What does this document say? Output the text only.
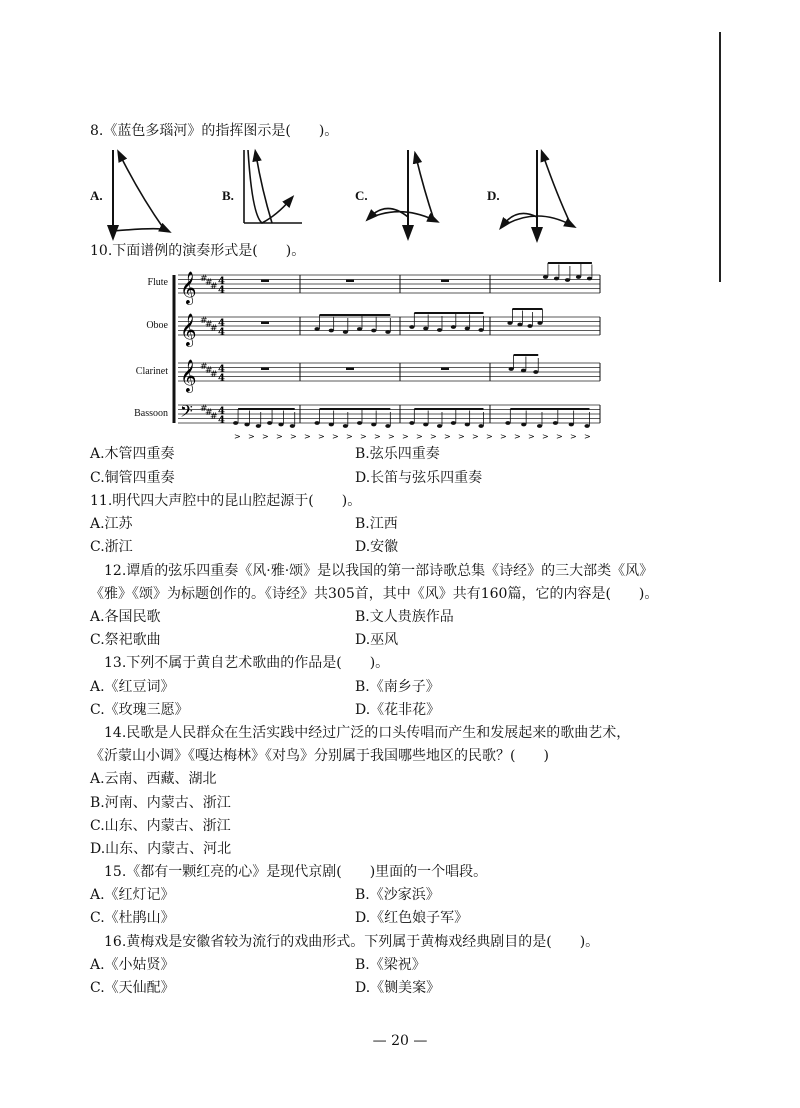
8.《蓝色多瑙河》的指挥图示是(　　)。
A.	B.	C.	D.
10.下面谱例的演奏形式是(　　)。
Flute
Oboe
Clarinet
Bassoon
𝄞 #
#
# 4
4
𝄞 #
#
# 4
4
𝄞 #
#
# 4
4
𝄢 #
#
# 4
4
> > > > > > > > > > > > > > > > > > > > > > > > > >
A.木管四重奏	B.弦乐四重奏
C.铜管四重奏	D.长笛与弦乐四重奏
11.明代四大声腔中的昆山腔起源于(　　)。
A.江苏	B.江西
C.浙江	D.安徽
12.谭盾的弦乐四重奏《风·雅·颂》是以我国的第一部诗歌总集《诗经》的三大部类《风》
《雅》《颂》为标题创作的。《诗经》共305首，其中《风》共有160篇，它的内容是(　　)。
A.各国民歌	B.文人贵族作品
C.祭祀歌曲	D.巫风
13.下列不属于黄自艺术歌曲的作品是(　　)。
A.《红豆词》	B.《南乡子》
C.《玫瑰三愿》	D.《花非花》
14.民歌是人民群众在生活实践中经过广泛的口头传唱而产生和发展起来的歌曲艺术，
《沂蒙山小调》《嘎达梅林》《对鸟》分别属于我国哪些地区的民歌？(　　)
A.云南、西藏、湖北
B.河南、内蒙古、浙江
C.山东、内蒙古、浙江
D.山东、内蒙古、河北
15.《都有一颗红亮的心》是现代京剧(　　)里面的一个唱段。
A.《红灯记》	B.《沙家浜》
C.《杜鹃山》	D.《红色娘子军》
16.黄梅戏是安徽省较为流行的戏曲形式。下列属于黄梅戏经典剧目的是(　　)。
A.《小姑贤》	B.《梁祝》
C.《天仙配》	D.《铡美案》
— 20 —
